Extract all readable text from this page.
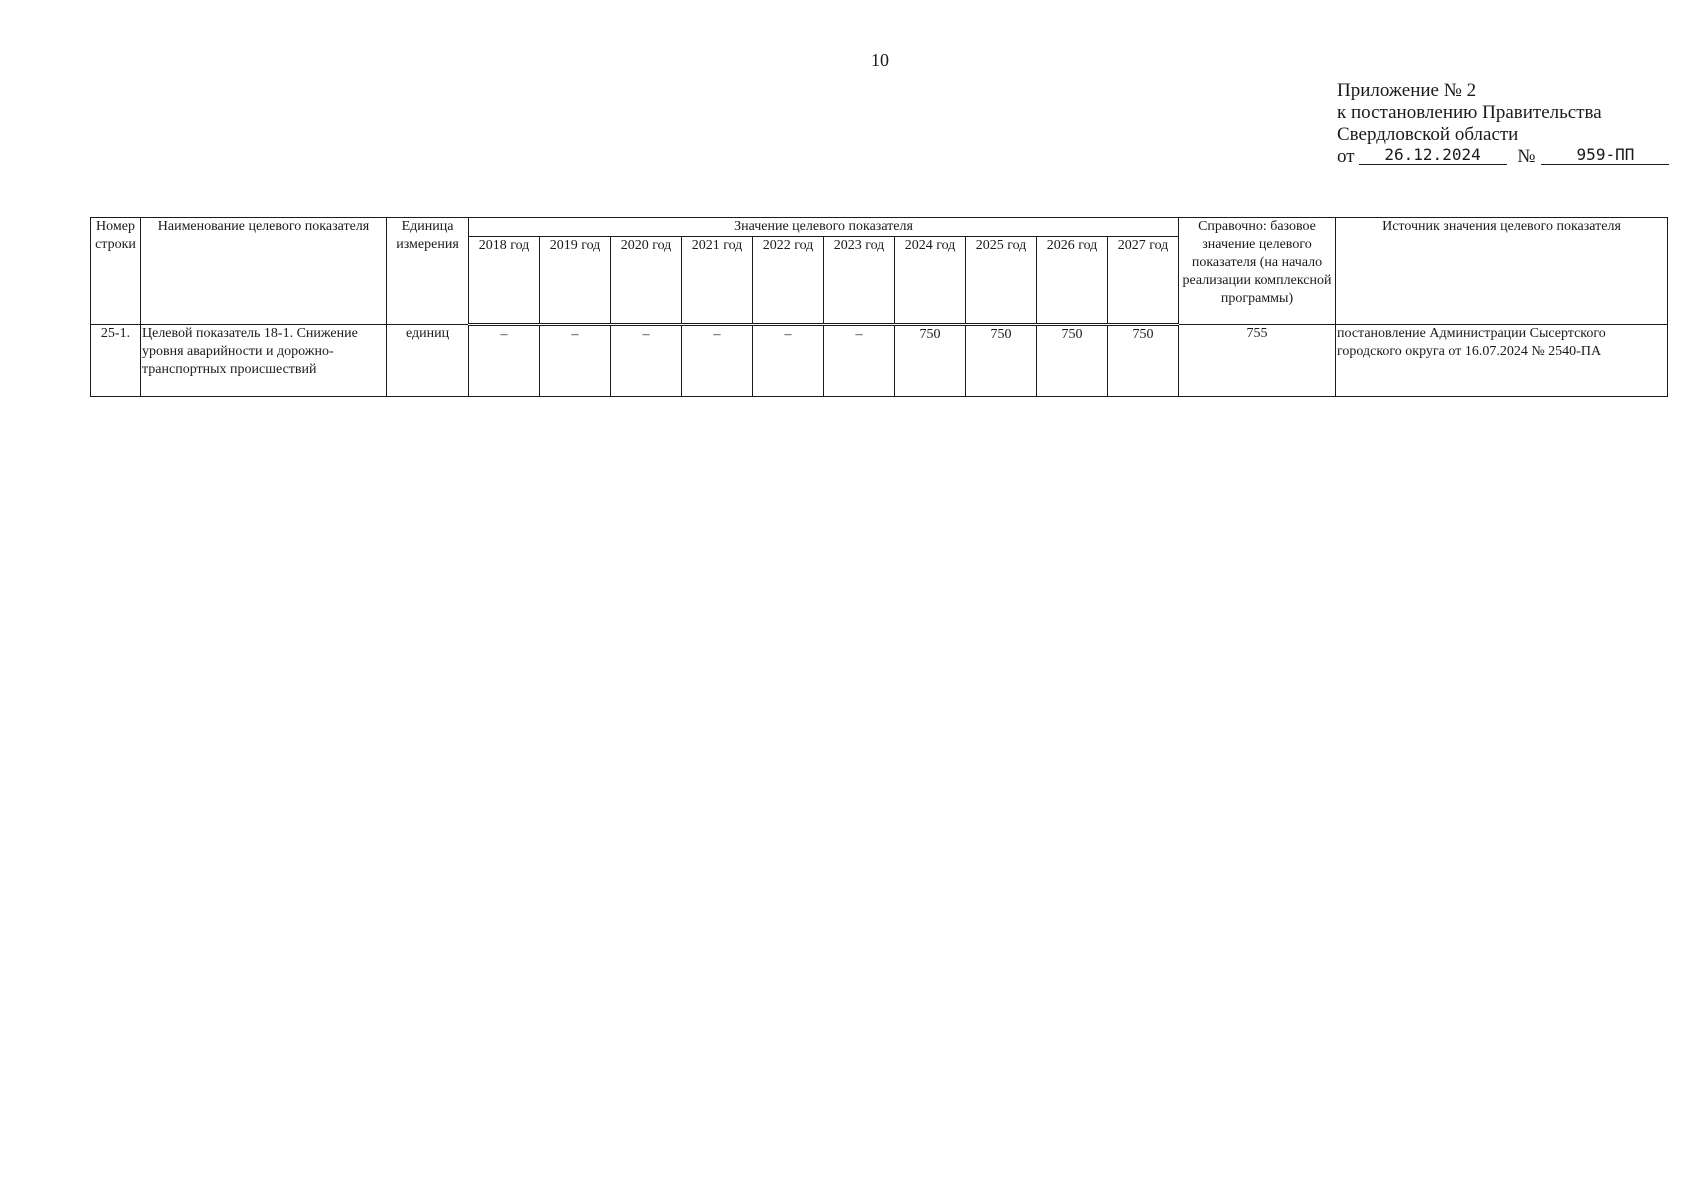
10
Приложение № 2
к постановлению Правительства
Свердловской области
от 26.12.2024 №	959-ПП
Номер строки	Наименование целевого показателя	Единица измерения	Значение целевого показателя										Справочно: базовое значение целевого показателя (на начало реализации комплексной программы)	Источник значения целевого показателя
			2018 год	2019 год	2020 год	2021 год	2022 год	2023 год	2024 год	2025 год	2026 год	2027 год		
25-1.	Целевой показатель 18-1. Снижение уровня аварийности и дорожно-транспортных происшествий	единиц	–	–	–	–	–	–	750	750	750	750	755	постановление Администрации Сысертского городского округа от 16.07.2024 № 2540-ПА
